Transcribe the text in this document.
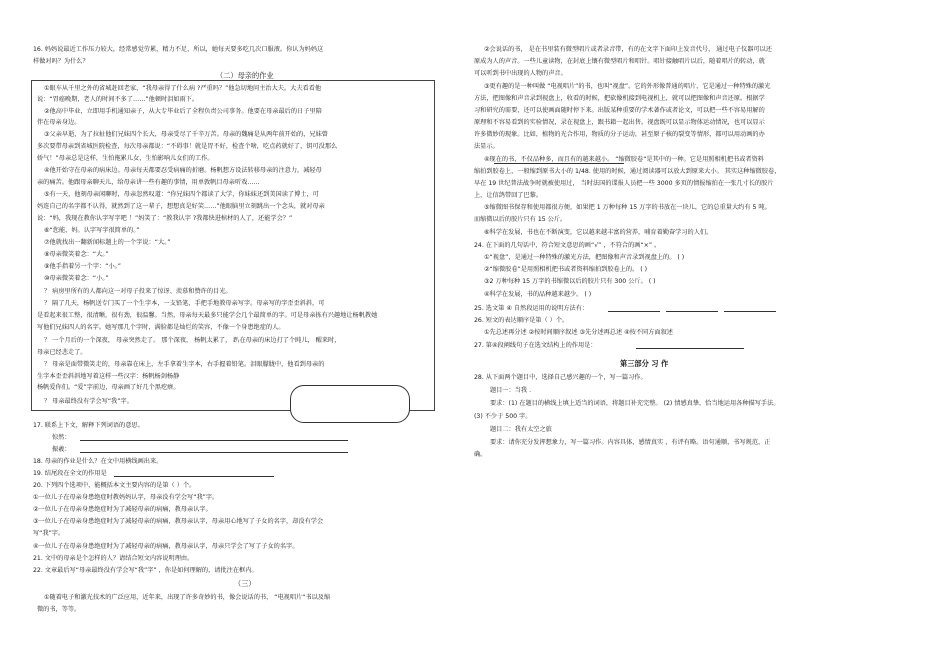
16. 妈妈说最近工作压力较大，经常感觉劳累，精力不足，所以，她每天要多吃几次口服液。你认为妈妈这
样做对吗？为什么？
（二）母亲的作业
①眼车从千里之外的省城赶回老家，“我母亲得了什么病 ?严重吗？”他急切地问主治大夫。大夫看看他
说：“胃癌晚期，老人的时间不多了……”他顿时泪如雨下。
②他高中毕业，立即用手机通知亲子，从大专毕业后了全程负责公司事务。他要在母亲最后的日子里陪
伴在母亲身边。
③父亲早逝，为了拉扯他们兄妹四个长大，母亲受尽了千辛万苦。母亲的魏痛是从两年前开始的，兄妹曾
多次要带母亲到省城医院检查，每次母亲都说：“不碍事！就是胃不好，检查个啥，吃点药就好了，钥可没那么
娇气！”母亲总是这样，生怕拖累儿女，生怕影响儿女们的工作。
④他开始守在母亲的病床边。母亲每天都要忍受病痛的折磨。杨帆想方设法转移母亲的注意力，减轻母
亲的痛苦。他跟母亲聊天儿，给母亲讲一些有趣的事情，用单敦帆目母亲听戏……
⑤有一天，他刻母亲闲聊时，母亲忽然叹道：“你兄妹四个都读了大学，你妹妹还到美国读了博士，可
妈连自己的名字都不认得，就然到了这一辈子，想想真是好笑……”他眼脑里立刻跳出一个念头，就对母亲
说：“妈，我现在教你认字写字吧 ！”妈笑了：“教我认字 ?我都快进棺材的人了，还能学会？”
⑥“您能，妈。认字写字很简单的。”
⑦他就找出一翻新闻标题上的一个字说：“大。”
⑧母亲微笑着念：“大。”
⑨他手指着另一个字：“小。”
⑩母亲微笑着念：“小。”
？ 病房里所有的人都向这一对母子投来了惊讶、羡慕和赞许的目光。
？ 隔了几天，杨帆送专门买了一个生字本，一支铅笔，手把手地教母亲写字。母亲写的字歪歪斜斜，可
是看起来很工整，很清晰，很有劲，很温馨。当然，母亲每天最多只能学会几个最简单的字。可是母亲拣有兴趣地让杨帆教她
写他们兄妹四人的名字。她写那几个字时，满脸都是灿烂的笑容，不像一个身患绝症的人。
？ 一个月后的一个深夜， 母亲突然走了。 那个深夜， 杨帆太累了， 趴在母亲的床边打了个盹儿， 醒来时，
母亲已经悲走了。
？ 母亲是面带微笑走的，母亲靠在床上，左手拿着生字本，右手握着铅笔。泪眼朦胧中，他看到母亲的
生字本歪歪斜斜地写着这样一些汉字：杨帆杨剑杨静
杨帆爱你们。“爱”字前边，母亲画了好几个黑疙瘩。
？ 母亲最终没有学会写“我”字。
17. 联系上下文，解释下列词语的意思。
惊然：
振羲：
18. 母亲的作业是什么？在文中用横线画出来。
19. 结尾段在全文的作用是
20. 下列四个选项中，能概括本文主要内容的是第（ ）个。
①一位儿子在母亲身患绝症时教妈妈认字，母亲没有学会写“我”字。
②一位儿子在母亲身患绝症时为了减轻母亲的病痛，教母亲认字。
③一位儿子在母亲身患绝症时为了减轻母亲的病痛，教母亲认字，母亲用心地写了子女的名字，却没有学会
写“我”字。
④一位儿子在母亲身患绝症时为了减轻母亲的病痛，教母亲认字，母亲只学会了写了子女的名字。
21. 文中的母亲是个怎样的人？请结合短文内容说明理由。
22. 文章最后写“母亲最终没有学会写“我”字” ，你是如何理解的，请批注在框内。
（三）
①随着电子和激光技术的广泛应用，近年来，出现了许多奇妙的书，像会说话的书， “电视唱片“书以及缩
微的书，等等。
②会说话的书， 是在书里装有微型唱片或者录音带，有的在文字下面印上发音代号， 通过电子仪器可以还
原成为人的声音。一些儿童读物，在封底上镶有微型唱片和唱针。唱针接触唱片以后，随着唱片的转动，就
可以听到书中出现的人物的声音。
③更有趣的是一种叫做 “电视唱片”的书，也叫“视盘”。它的外形像普通的唱片，它是通过一种特殊的激光
方法，把图像和声音录到视盘上，收看的时候，把砍像机接到电视机上，就可以把图像和声音还原。根据学
习和研究的需要，还可以使画面随时停下来。出版某种重要的学术著作或者论文，可以把一些不容易用解的
原理和不容易看到的实验情况，录在视盘上，跟书籍一起出售。视盘既可以显示物体运动情况，也可以显示
许多微妙的现象。比如，植物的光合作用，物质的分子运动，甚至原子核的裂变等情形，都可以用动画的办
法显示。
④现在的书，不仅品种多，而且有的越来越小。 “缩微胶卷“是其中的一种。它是用照相机把书或者资料
缩拍到胶卷上，一般缩到原书大小的 1/48. 使用的时候，通过阅读器可以放大到原来大小。 其实这种缩微胶卷，
早在 19 世纪普法战争时就被使用过， 当时法国的谍报人员把一些 3000 多页的情报缩拍在一张几寸长的胶片
上，让信鸽带回了巴黎。
⑤缩微图书保存和使用都很方便，如果把 1 万种每种 15 万字的书放在一块儿，它的总重量大约有 5 吨。
而缩微以后的胶片只有 15 公斤。
⑥科学在发展，书也在不断演变，它以越来越丰富的营养，哺育着勤奋学习的人们。
24. 在下面的几句话中，符合短文意思的画“√” ，不符合的画“×” 。
①“视盘”，是通过一种特殊的激光方法，把图像和声音录到视盘上的。 ( )
②“缩微胶卷”是用照相机把书或者资料缩拍到胶卷上的。 ( )
③2 万种每种 15 万字的书缩微以后的胶片只有 300 公斤。 ( )
④科学在发展，书的品种越来越少。 ( )
25. 选文第 ④ 自然段运用的说明方法有：
26. 短文的表达顺序是第（ ）个。
①先总述再分述 ②按时间顺序叙述 ③先分述再总述 ④按不同方面叙述
27. 第④段阐线句子在选文结构上的作用是：
第三部分 习 作
28. 从下面两个题目中，选择自己感兴趣的一个，写一篇习作。
题目一：当我 .
要求：(1) 在题目的横线上填上适当的词语，将题目补充完整。 (2) 情感真挚，恰当地运用各种描写手法。
(3) 不少于 500 字。
题目二：我有太空之旅
要求：请你充分发挥想象力，写一篇习作。内容具体，感情真实 ，有评有略。语句通顺，书写规范、正
确。
